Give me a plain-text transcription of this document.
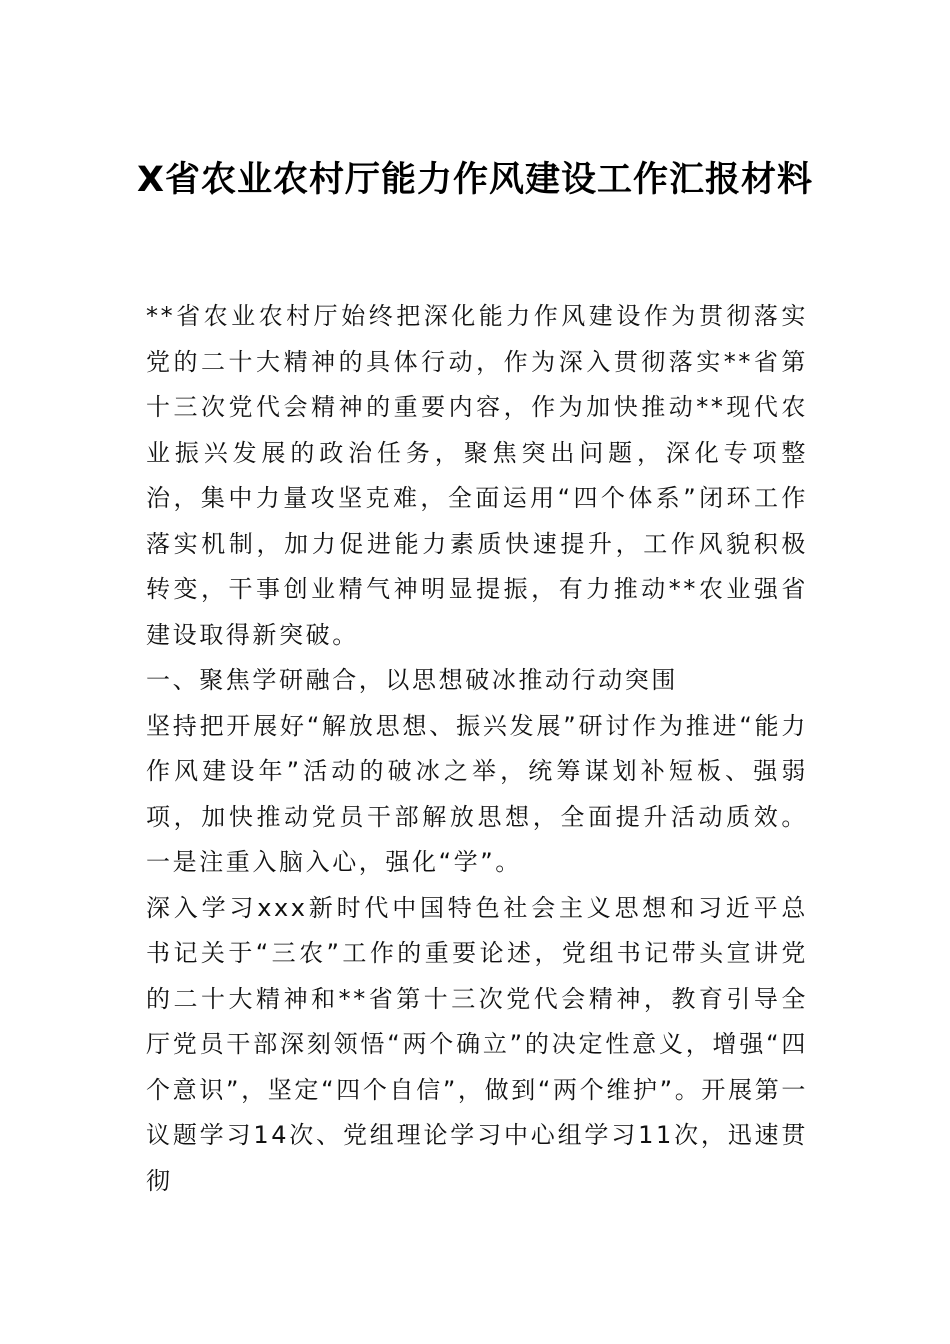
X省农业农村厅能力作风建设工作汇报材料

**省农业农村厅始终把深化能力作风建设作为贯彻落实党的二十大精神的具体行动，作为深入贯彻落实**省第十三次党代会精神的重要内容，作为加快推动**现代农业振兴发展的政治任务，聚焦突出问题，深化专项整治，集中力量攻坚克难，全面运用“四个体系”闭环工作落实机制，加力促进能力素质快速提升，工作风貌积极转变，干事创业精气神明显提振，有力推动**农业强省建设取得新突破。

一、聚焦学研融合，以思想破冰推动行动突围

坚持把开展好“解放思想、振兴发展”研讨作为推进“能力作风建设年”活动的破冰之举，统筹谋划补短板、强弱项，加快推动党员干部解放思想，全面提升活动质效。一是注重入脑入心，强化“学”。

深入学习xxx新时代中国特色社会主义思想和习近平总书记关于“三农”工作的重要论述，党组书记带头宣讲党的二十大精神和**省第十三次党代会精神，教育引导全厅党员干部深刻领悟“两个确立”的决定性意义，增强“四个意识”，坚定“四个自信”，做到“两个维护”。开展第一议题学习14次、党组理论学习中心组学习11次，迅速贯彻
